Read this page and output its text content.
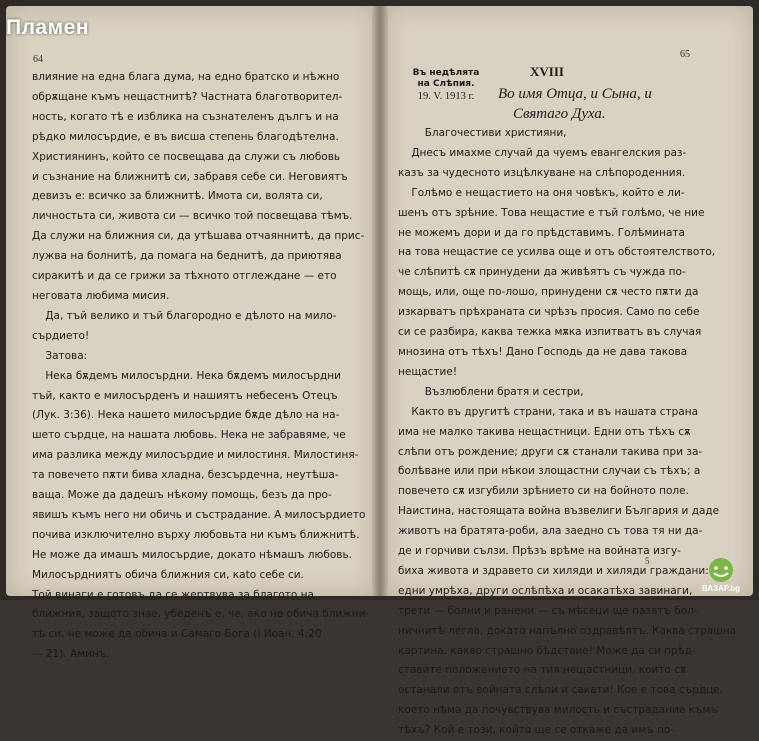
Пламен
64
влияние на една блага дума, на едно братско и нѣжно
обрѫщане къмъ нещастнитѣ? Частната благотворител-
ность, когато тѣ е изблика на съзнателенъ дългъ и на
рѣдко милосърдие, е въ висша степень благодѣтелна.
Християнинъ, който се посвещава да служи съ любовь
и съзнание на ближнитѣ си, забравя себе си. Неговиятъ
девизъ е: всичко за ближнитѣ. Имота си, волята си,
личностьта си, живота си — всичко той посвещава тѣмъ.
Да служи на ближния си, да утѣшава отчаяннитѣ, да прис-
лужва на болнитѣ, да помага на беднитѣ, да приютява
сиракитѣ и да се грижи за тѣхното отглеждане — ето
неговата любима мисия.
Да, тъй велико и тъй благородно е дѣлото на мило-
сърдието!
Затова:
Нека бѫдемъ милосърдни. Нека бѫдемъ милосърдни
тъй, както е милосърденъ и нашиятъ небесенъ Отецъ
(Лук. 3:36). Нека нашето милосърдие бѫде дѣло на на-
шето сърдце, на нашата любовь. Нека не забравяме, че
има разлика между милосърдие и милостиня. Милостиня-
та повечето пѫти бива хладна, безсърдечна, неутѣша-
ваща. Може да дадешъ нѣкому помощь, безъ да про-
явишъ къмъ него ни обичь и състрадание. А милосърдието
почива изключително върху любовьта ни къмъ ближнитѣ.
Не може да имашъ милосърдие, докато нѣмашъ любовь.
Милосърдниятъ обича ближния си, кato себе си.
Той винаги е готовъ да се жертвува за благото на
ближния, защото знае, убеденъ е, че, ако не обича ближни-
тѣ си, не може да обича и Самаго Бога (I Иоан. 4:20
— 21). Аминъ.
65
Въ недѣлята
на Слѣпия.
19. V. 1913 г.
XVIII
Во имя Отца, и Сына, и
Святаго Духа.
Благочестиви християни,
Днесъ имахме случай да чуемъ евангелския раз-
казъ за чудесното изцѣлкуване на слѣпороденния.
Голѣмо е нещастието на оня човѣкъ, който е ли-
шенъ отъ зрѣние. Това нещастие е тъй голѣмо, че ние
не можемъ дори и да го прѣдставимъ. Голѣмината
на това нещастие се усилва още и отъ обстоятелството,
че слѣпитѣ сѫ принудени да живѣятъ съ чужда по-
мощь, или, още по-лошо, принудени сѫ често пѫти да
изкарватъ прѣхраната си чрѣзъ просия. Само по себе
си се разбира, каква тежка мѫка изпитватъ въ случая
мнозина отъ тѣхъ! Дано Господь да не дава такова
нещастие!
Възлюблени братя и сестри,
Както въ другитѣ страни, така и въ нашата страна
има не малко такива нещастници. Едни отъ тѣхъ сѫ
слѣпи отъ рождение; други сѫ станали такива при за-
болѣване или при нѣкои злощастни случаи съ тѣхъ; а
повечето сѫ изгубили зрѣнието си на бойното поле.
Наистина, настоящата война възвелиги България и даде
животъ на братята-роби, ала заедно съ това тя ни да-
де и горчиви сълзи. Прѣзъ врѣме на войната изгу-
биха живота и здравето си хиляди и хиляди граждани:
едни умрѣха, други ослѣпѣха и осакатѣха завинаги,
трети — болни и ранени — съ мѣсеци ще пазятъ бол-
ничнитѣ легла, докато напълно оздравѣятъ. Каква страшна
картина, какво страшно бѣдствие! Може да си прѣд-
ставите положението на тия нещастници, които сѫ
останали отъ войната слѣпи и сакати! Кое е това сърдце,
което нѣма да почувствува милость и състрадание къмъ
тѣхъ? Кой е този, който ще се откаже да имъ по-
5
ВАЗАР.bg
